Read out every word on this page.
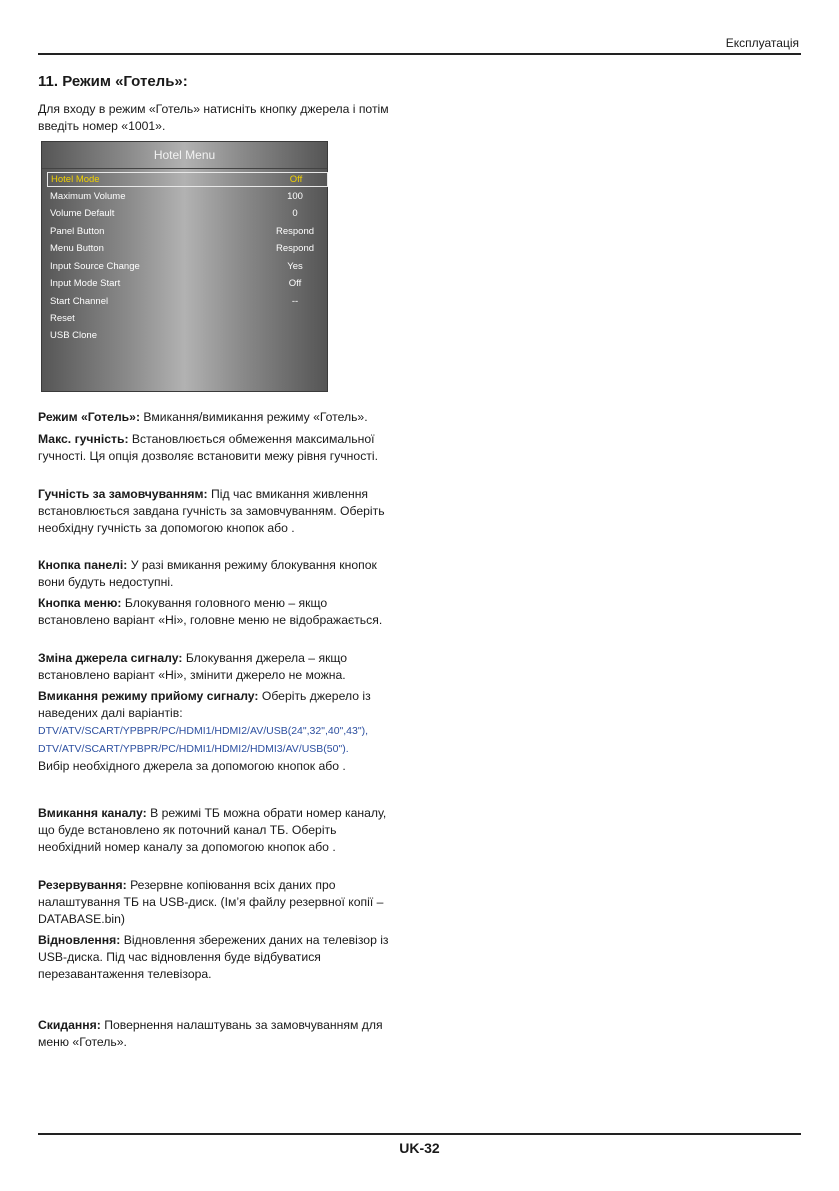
Експлуатація
11. Режим «Готель»:
Для входу в режим «Готель» натисніть кнопку джерела і потім введіть номер «1001».
Hotel Menu
Hotel Mode	Off
Maximum Volume	100
Volume Default	0
Panel Button	Respond
Menu Button	Respond
Input Source Change	Yes
Input Mode Start	Off
Start Channel	--
Reset
USB Clone
Режим «Готель»: Вмикання/вимикання режиму «Готель».
Макс. гучність: Встановлюється обмеження максимальної гучності. Ця опція дозволяє встановити межу рівня гучності.
Гучність за замовчуванням: Під час вмикання живлення встановлюється завдана гучність за замовчуванням. Оберіть необхідну гучність за допомогою кнопок або .
Кнопка панелі: У разі вмикання режиму блокування кнопок вони будуть недоступні.
Кнопка меню: Блокування головного меню – якщо встановлено варіант «Ні», головне меню не відображається.
Зміна джерела сигналу: Блокування джерела – якщо встановлено варіант «Ні», змінити джерело не можна.
Вмикання режиму прийому сигналу: Оберіть джерело із наведених далі варіантів:
DTV/ATV/SCART/YPBPR/PC/HDMI1/HDMI2/AV/USB(24",32",40",43"),
DTV/ATV/SCART/YPBPR/PC/HDMI1/HDMI2/HDMI3/AV/USB(50").
Вибір необхідного джерела за допомогою кнопок або .
Вмикання каналу: В режимі ТБ можна обрати номер каналу, що буде встановлено як поточний канал ТБ. Оберіть необхідний номер каналу за допомогою кнопок або .
Резервування: Резервне копіювання всіх даних про налаштування ТБ на USB-диск. (Ім’я файлу резервної копії – DATABASE.bin)
Відновлення: Відновлення збережених даних на телевізор із USB-диска. Під час відновлення буде відбуватися перезавантаження телевізора.
Скидання: Повернення налаштувань за замовчуванням для меню «Готель».
UK-32
